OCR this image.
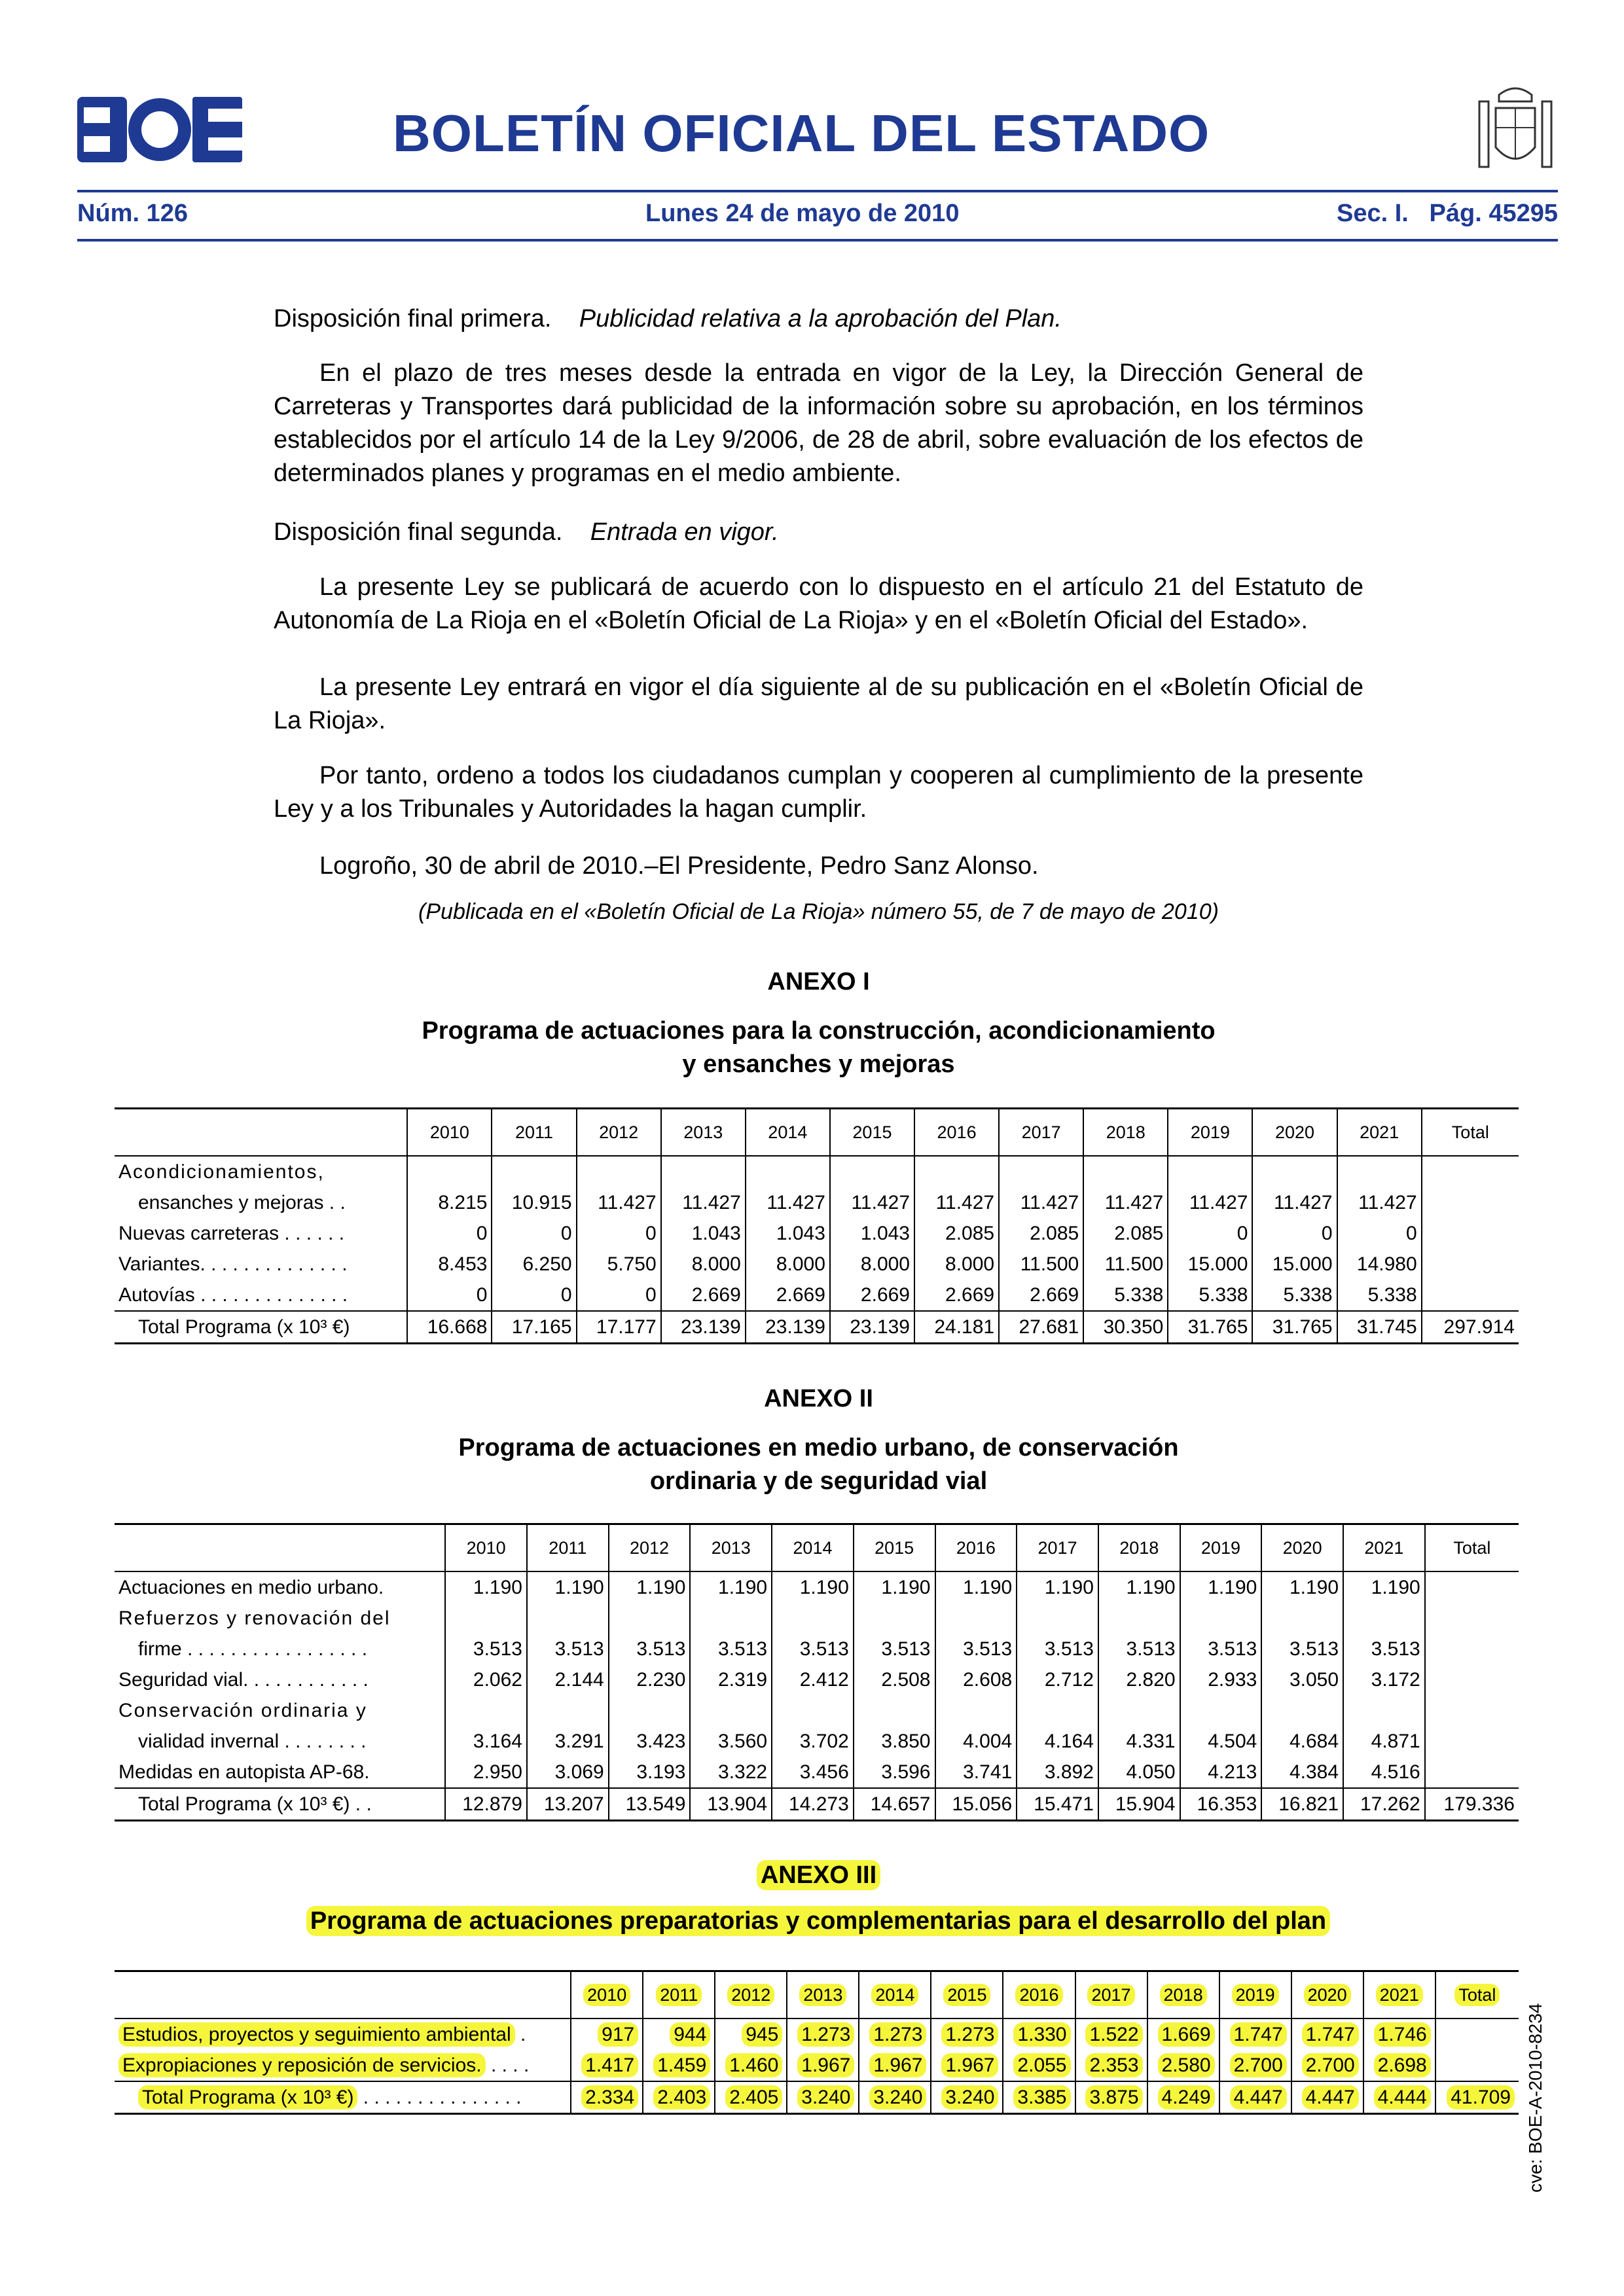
BOLETÍN OFICIAL DEL ESTADO
Núm. 126	Lunes 24 de mayo de 2010	Sec. I.   Pág. 45295
Disposición final primera. Publicidad relativa a la aprobación del Plan.
En el plazo de tres meses desde la entrada en vigor de la Ley, la Dirección General de Carreteras y Transportes dará publicidad de la información sobre su aprobación, en los términos establecidos por el artículo 14 de la Ley 9/2006, de 28 de abril, sobre evaluación de los efectos de determinados planes y programas en el medio ambiente.
Disposición final segunda. Entrada en vigor.
La presente Ley se publicará de acuerdo con lo dispuesto en el artículo 21 del Estatuto de Autonomía de La Rioja en el «Boletín Oficial de La Rioja» y en el «Boletín Oficial del Estado».
La presente Ley entrará en vigor el día siguiente al de su publicación en el «Boletín Oficial de La Rioja».
Por tanto, ordeno a todos los ciudadanos cumplan y cooperen al cumplimiento de la presente Ley y a los Tribunales y Autoridades la hagan cumplir.
Logroño, 30 de abril de 2010.–El Presidente, Pedro Sanz Alonso.
(Publicada en el «Boletín Oficial de La Rioja» número 55, de 7 de mayo de 2010)
ANEXO I
Programa de actuaciones para la construcción, acondicionamiento
y ensanches y mejoras
	2010	2011	2012	2013	2014	2015	2016	2017	2018	2019	2020	2021	Total
Acondicionamientos,													
ensanches y mejoras . .	8.215	10.915	11.427	11.427	11.427	11.427	11.427	11.427	11.427	11.427	11.427	11.427	
Nuevas carreteras . . . . . .	0	0	0	1.043	1.043	1.043	2.085	2.085	2.085	0	0	0	
Variantes. . . . . . . . . . . . . .	8.453	6.250	5.750	8.000	8.000	8.000	8.000	11.500	11.500	15.000	15.000	14.980	
Autovías . . . . . . . . . . . . . .	0	0	0	2.669	2.669	2.669	2.669	2.669	5.338	5.338	5.338	5.338	
Total Programa (x 10³ €)	16.668	17.165	17.177	23.139	23.139	23.139	24.181	27.681	30.350	31.765	31.765	31.745	297.914
ANEXO II
Programa de actuaciones en medio urbano, de conservación
ordinaria y de seguridad vial
	2010	2011	2012	2013	2014	2015	2016	2017	2018	2019	2020	2021	Total
Actuaciones en medio urbano.	1.190	1.190	1.190	1.190	1.190	1.190	1.190	1.190	1.190	1.190	1.190	1.190	
Refuerzos y renovación del													
firme . . . . . . . . . . . . . . . . .	3.513	3.513	3.513	3.513	3.513	3.513	3.513	3.513	3.513	3.513	3.513	3.513	
Seguridad vial. . . . . . . . . . . .	2.062	2.144	2.230	2.319	2.412	2.508	2.608	2.712	2.820	2.933	3.050	3.172	
Conservación ordinaria y													
vialidad invernal . . . . . . . .	3.164	3.291	3.423	3.560	3.702	3.850	4.004	4.164	4.331	4.504	4.684	4.871	
Medidas en autopista AP-68.	2.950	3.069	3.193	3.322	3.456	3.596	3.741	3.892	4.050	4.213	4.384	4.516	
Total Programa (x 10³ €) . .	12.879	13.207	13.549	13.904	14.273	14.657	15.056	15.471	15.904	16.353	16.821	17.262	179.336
ANEXO III
Programa de actuaciones preparatorias y complementarias para el desarrollo del plan
	2010	2011	2012	2013	2014	2015	2016	2017	2018	2019	2020	2021	Total
Estudios, proyectos y seguimiento ambiental .	917	944	945	1.273	1.273	1.273	1.330	1.522	1.669	1.747	1.747	1.746	
Expropiaciones y reposición de servicios. . . . .	1.417	1.459	1.460	1.967	1.967	1.967	2.055	2.353	2.580	2.700	2.700	2.698	
Total Programa (x 10³ €) . . . . . . . . . . . . . . .	2.334	2.403	2.405	3.240	3.240	3.240	3.385	3.875	4.249	4.447	4.447	4.444	41.709 cve: BOE-A-2010-8234
